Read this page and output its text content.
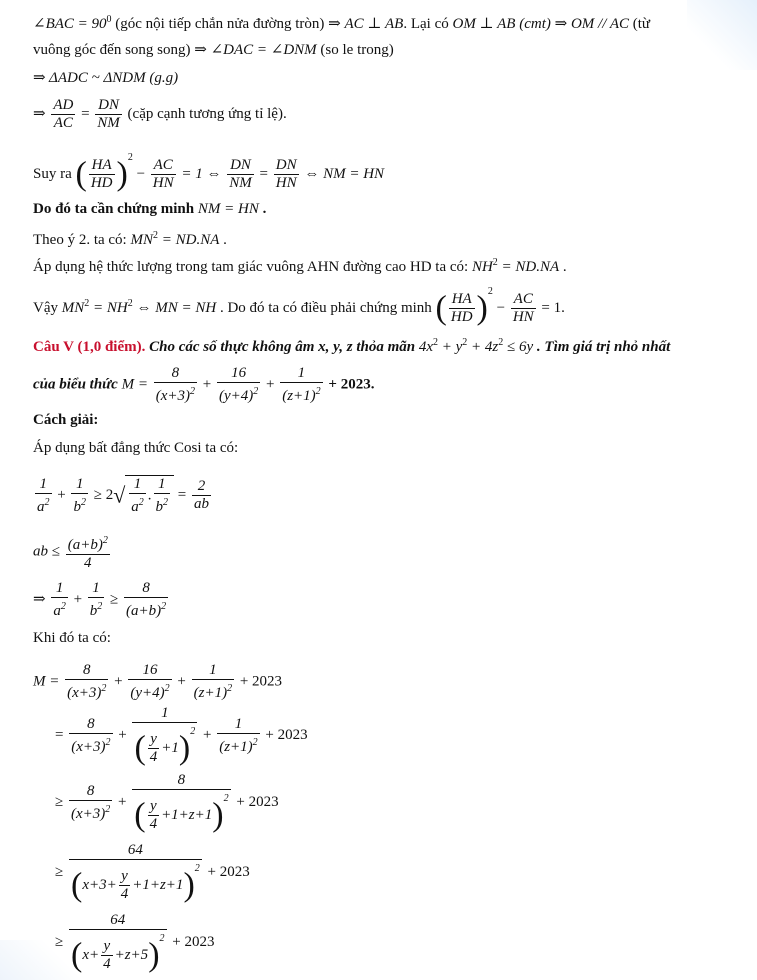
∠BAC = $90^0$ (góc nội tiếp chắn nửa đường tròn) ⇒ AC ⊥ AB. Lại có OM ⊥ AB (cmt) ⇒ OM // AC (từ
vuông góc đến song song) ⇒ ∠DAC = ∠DNM (so le trong)
⇒ ΔADC ~ ΔNDM (g.g)
⇒ $\frac{AD}{AC} = \frac{DN}{NM}$ (cặp cạnh tương ứng tỉ lệ).
Suy ra ( $\frac{HA}{HD} )^2 - \frac{AC}{HN} = 1$ ⇔ $\frac{DN}{NM} = \frac{DN}{HN}$ ⇔ NM = HN
Do đó ta cần chứng minh NM = HN .
Theo ý 2. ta có: $MN^2 = ND.NA$ .
Áp dụng hệ thức lượng trong tam giác vuông AHN đường cao HD ta có: $NH^2 = ND.NA$ .
Vậy $MN^2 = NH^2$ ⇔ MN = NH . Do đó ta có điều phải chứng minh ( $\frac{HA}{HD} )^2 - \frac{AC}{HN} = 1$.
Câu V (1,0 điểm). Cho các số thực không âm x, y, z thỏa mãn $4x^2 + y^2 + 4z^2 \le 6y$ . Tìm giá trị nhỏ nhất
của biểu thức $M = \frac{8}{(x+3)^2} + \frac{16}{(y+4)^2} + \frac{1}{(z+1)^2} + 2023$.
Cách giải:
Áp dụng bất đẳng thức Cosi ta có:
$\frac{1}{a^2} + \frac{1}{b^2} \ge 2√ \frac{1}{a^2}$ . $\frac{1}{b^2} = \frac{2}{ab}$
ab ≤ $\frac{(a+b)^2}{4}$
⇒ $\frac{1}{a^2} + \frac{1}{b^2} \ge \frac{8}{(a+b)^2}$
Khi đó ta có:
$M = \frac{8}{(x+3)^2} + \frac{16}{(y+4)^2} + \frac{1}{(z+1)^2} + 2023$
= $\frac{8}{(x+3)^2} + \frac{1}{( \frac{y}{4} +1)^2} + \frac{1}{(z+1)^2} + 2023$
≥ $\frac{8}{(x+3)^2} + \frac{8}{( \frac{y}{4} +1+z+1)^2} + 2023$
≥ $\frac{64}{(x+3+ \frac{y}{4} +1+z+1)^2} + 2023$
≥ $\frac{64}{(x+ \frac{y}{4} +z+5)^2} + 2023$
